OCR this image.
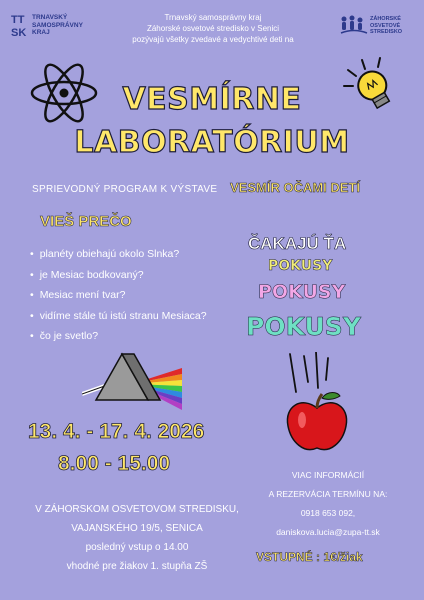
TT
SK
TRNAVSKÝ
SAMOSPRÁVNY
KRAJ
Trnavský samosprávny kraj
Záhorské osvetové stredisko v Senici
pozývajú všetky zvedavé a vedychtivé deti na
ZÁHORSKÉ
OSVETOVÉ
STREDISKO
VESMÍRNE
LABORATÓRIUM
SPRIEVODNÝ PROGRAM K VÝSTAVE VESMÍR OČAMI DETÍ
VIEŠ PREČO
• planéty obiehajú okolo Slnka?
• je Mesiac bodkovaný?
• Mesiac mení tvar?
• vidíme stále tú istú stranu Mesiaca?
• čo je svetlo?
ČAKAJÚ ŤA
POKUSY
POKUSY
POKUSY
13. 4. - 17. 4. 2026
8.00 - 15.00
V ZÁHORSKOM OSVETOVOM STREDISKU,
VAJANSKÉHO 19/5, SENICA
posledný vstup o 14.00
vhodné pre žiakov 1. stupňa ZŠ
VIAC INFORMÁCIÍ
A REZERVÁCIA TERMÍNU NA:
0918 653 092,
daniskova.lucia@zupa-tt.sk
VSTUPNÉ : 1€/žiak
